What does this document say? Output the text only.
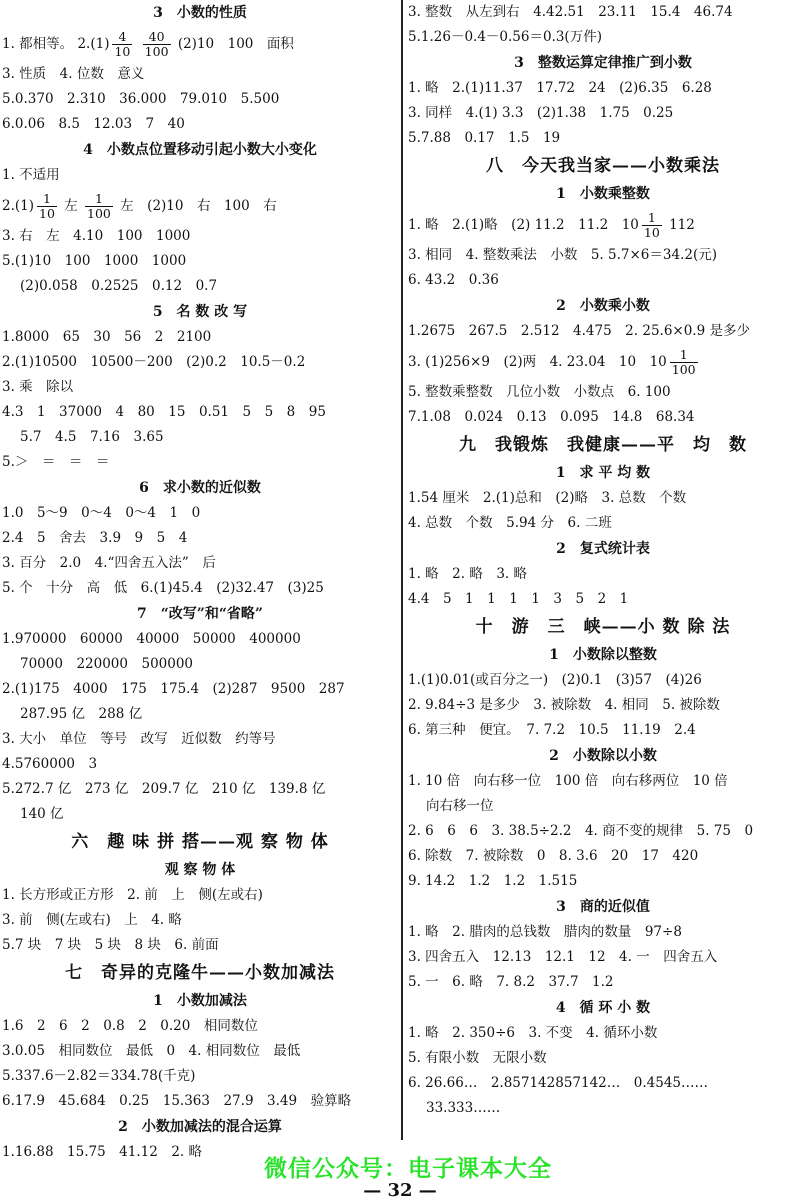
3　小数的性质
1. 都相等。 $2.(1) \frac{4}{10}$
$\frac{40}{100} (2)10$　100　面积
3. 性质　4. 位数　意义
5.0.370　2.310　36.000　79.010　5.500
6.0.06　8.5　12.03　7　40
4　小数点位置移动引起小数大小变化
1. 不适用
$2.(1) \frac{1}{10}$ 左 $\frac{1}{100}$ 左　(2)10　右　100　右
3. 右　左　4.10　100　1000
5.(1)10　100　1000　1000
(2)0.058　0.2525　0.12　0.7
5　名 数 改 写
1.8000　65　30　56　2　2100
2.(1)10500　10500－200　(2)0.2　10.5－0.2
3. 乘　除以
4.3　1　37000　4　80　15　0.51　5　5　8　95
5.7　4.5　7.16　3.65
5.＞　＝　＝　＝
6　求小数的近似数
1.0　5～9　0～4　0～4　1　0
2.4　5　舍去　3.9　9　5　4
3. 百分　2.0　4.“四舍五入法”　后
5. 个　十分　高　低　6.(1)45.4　(2)32.47　(3)25
7　“改写”和“省略”
1.970000　60000　40000　50000　400000
70000　220000　500000
2.(1)175　4000　175　175.4　(2)287　9500　287
287.95 亿　288 亿
3. 大小　单位　等号　改写　近似数　约等号
4.5760000　3
5.272.7 亿　273 亿　209.7 亿　210 亿　139.8 亿
140 亿
六　趣 味 拼 搭——观 察 物 体
观 察 物 体
1. 长方形或正方形　2. 前　上　侧(左或右)
3. 前　侧(左或右)　上　4. 略
5.7 块　7 块　5 块　8 块　6. 前面
七　奇异的克隆牛——小数加减法
1　小数加减法
1.6　2　6　2　0.8　2　0.20　相同数位
3.0.05　相同数位　最低　0　4. 相同数位　最低
5.337.6－2.82＝334.78(千克)
6.17.9　45.684　0.25　15.363　27.9　3.49　验算略
2　小数加减法的混合运算
1.16.88　15.75　41.12　2. 略
3. 整数　从左到右　4.42.51　23.11　15.4　46.74
5.1.26－0.4－0.56＝0.3(万件)
3　整数运算定律推广到小数
1. 略　2.(1)11.37　17.72　24　(2)6.35　6.28
3. 同样　4.(1) 3.3　(2)1.38　1.75　0.25
5.7.88　0.17　1.5　19
八　今天我当家——小数乘法
1　小数乘整数
1. 略　2.(1)略　(2) 11.2　11.2　$10 \frac{1}{10} 112$
3. 相同　4. 整数乘法　小数　5. 5.7×6＝34.2(元)
6. 43.2　0.36
2　小数乘小数
1.2675　267.5　2.512　4.475　2. 25.6×0.9 是多少
3. (1)256×9　(2)两　4. 23.04　10　$10 \frac{1}{100}$
5. 整数乘整数　几位小数　小数点　6. 100
7.1.08　0.024　0.13　0.095　14.8　68.34
九　我锻炼　我健康——平　均　数
1　求 平 均 数
1.54 厘米　2.(1)总和　(2)略　3. 总数　个数
4. 总数　个数　5.94 分　6. 二班
2　复式统计表
1. 略　2. 略　3. 略
4.4　5　1　1　1　1　3　5　2　1
十　游　三　峡——小 数 除 法
1　小数除以整数
1.(1)0.01(或百分之一)　(2)0.1　(3)57　(4)26
2. 9.84÷3 是多少　3. 被除数　4. 相同　5. 被除数
6. 第三种　便宜。　7. 7.2　10.5　11.19　2.4
2　小数除以小数
1. 10 倍　向右移一位　100 倍　向右移两位　10 倍
向右移一位
2. 6　6　6　3. 38.5÷2.2　4. 商不变的规律　5. 75　0
6. 除数　7. 被除数　0　8. 3.6　20　17　420
9. 14.2　1.2　1.2　1.515
3　商的近似值
1. 略　2. 腊肉的总钱数　腊肉的数量　97÷8
3. 四舍五入　12.13　12.1　12　4. 一　四舍五入
5. 一　6. 略　7. 8.2　37.7　1.2
4　循 环 小 数
1. 略　2. 350÷6　3. 不变　4. 循环小数
5. 有限小数　无限小数
6. 26.66…　2.857142857142…　0.4545……
33.333……
微信公众号：电子课本大全
— 32 —
